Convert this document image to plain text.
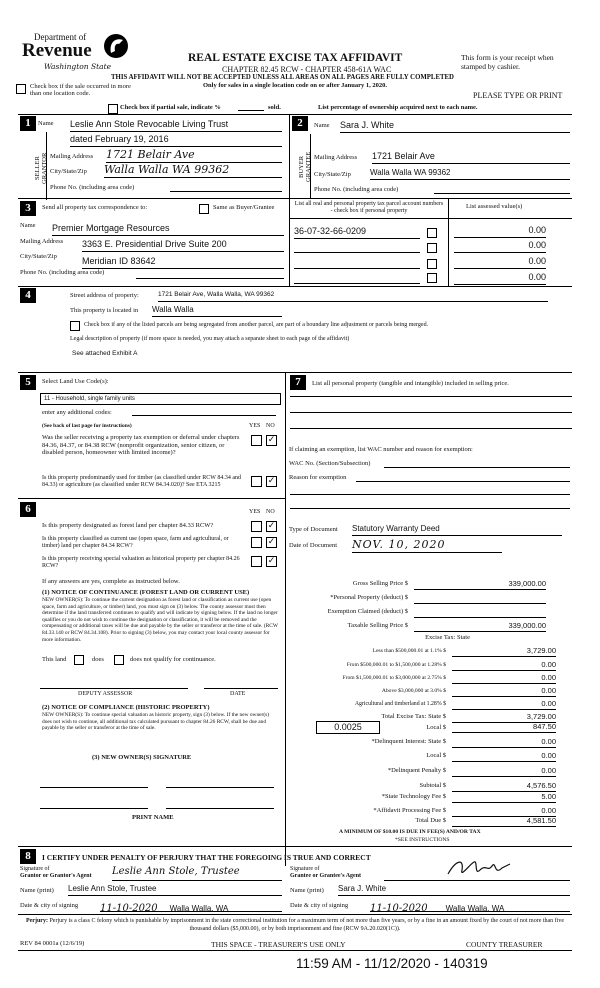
Department of
Revenue
Washington State
REAL ESTATE EXCISE TAX AFFIDAVIT
CHAPTER 82.45 RCW - CHAPTER 458-61A WAC
THIS AFFIDAVIT WILL NOT BE ACCEPTED UNLESS ALL AREAS ON ALL PAGES ARE FULLY COMPLETED
Only for sales in a single location code on or after January 1, 2020.
This form is your receipt when stamped by cashier.
PLEASE TYPE OR PRINT
Check box if the sale occurred in more than one location code.
Check box if partial sale, indicate %	sold.	List percentage of ownership acquired next to each name.
1
SELLER GRANTOR
Name Leslie Ann Stole Revocable Living Trust
dated February 19, 2016
Mailing Address 1721 Belair Ave
City/State/Zip Walla Walla WA 99362
Phone No. (including area code)
2
BUYER GRANTEE
Name Sara J. White
Mailing Address 1721 Belair Ave
City/State/Zip Walla Walla WA 99362
Phone No. (including area code)
3	Send all property tax correspondence to:	Same as Buyer/Grantee	List all real and personal property tax parcel account numbers - check box if personal property
List assessed value(s)
Name Premier Mortgage Resources
Mailing Address 3363 E. Presidential Drive Suite 200
City/State/Zip	Meridian ID 83642
Phone No. (including area code)
36-07-32-66-0209	0.00
0.00
0.00
0.00
4	Street address of property:	1721 Belair Ave, Walla Walla, WA 99362
This property is located in Walla Walla
Check box if any of the listed parcels are being segregated from another parcel, are part of a boundary line adjustment or parcels being merged.
Legal description of property (if more space is needed, you may attach a separate sheet to each page of the affidavit)
See attached Exhibit A
5	Select Land Use Code(s):
11 - Household, single family units
enter any additional codes:
(See back of last page for instructions)	YES NO
Was the seller receiving a property tax exemption or deferral under chapters 84.36, 84.37, or 84.38 RCW (nonprofit organization, senior citizen, or disabled person, homeowner with limited income)?
✓
Is this property predominantly used for timber (as classified under RCW 84.34 and 84.33) or agriculture (as classified under RCW 84.34.020)? See ETA 3215	✓
7	List all personal property (tangible and intangible) included in selling price.
If claiming an exemption, list WAC number and reason for exemption:
WAC No. (Section/Subsection)
Reason for exemption
6	YES NO
Is this property designated as forest land per chapter 84.33 RCW?	✓
Is this property classified as current use (open space, farm and agricultural, or timber) land per chapter 84.34 RCW?	✓
Is this property receiving special valuation as historical property per chapter 84.26 RCW?	✓
If any answers are yes, complete as instructed below.
(1) NOTICE OF CONTINUANCE (FOREST LAND OR CURRENT USE)
NEW OWNER(S): To continue the current designation as forest land or classification as current use (open space, farm and agriculture, or timber) land, you must sign on (3) below. The county assessor must then determine if the land transferred continues to qualify and will indicate by signing below. If the land no longer qualifies or you do not wish to continue the designation or classification, it will be removed and the compensating or additional taxes will be due and payable by the seller or transferor at the time of sale. (RCW 84.33.140 or RCW 84.34.108). Prior to signing (3) below, you may contact your local county assessor for more information.
This land	does	does not qualify for continuance.
DEPUTY ASSESSOR	DATE
(2) NOTICE OF COMPLIANCE (HISTORIC PROPERTY)
NEW OWNER(S): To continue special valuation as historic property, sign (3) below. If the new owner(s) does not wish to continue, all additional tax calculated pursuant to chapter 84.26 RCW, shall be due and payable by the seller or transferor at the time of sale.
(3) NEW OWNER(S) SIGNATURE
PRINT NAME
Type of Document Statutory Warranty Deed
Date of Document NOV. 10, 2020
Gross Selling Price $	339,000.00
*Personal Property (deduct) $
Exemption Claimed (deduct) $
Taxable Selling Price $	339,000.00
Excise Tax: State
Less than $500,000.01 at 1.1% $	3,729.00
From $500,000.01 to $1,500,000 at 1.28% $	0.00
From $1,500,000.01 to $3,000,000 at 2.75% $	0.00
Above $3,000,000 at 3.0% $	0.00
Agricultural and timberland at 1.28% $	0.00
Total Excise Tax: State $	3,729.00
0.0025	Local $	847.50
*Delinquent Interest: State $	0.00
Local $	0.00
*Delinquent Penalty $	0.00
Subtotal $	4,576.50
*State Technology Fee $	5.00
*Affidavit Processing Fee $	0.00
Total Due $	4,581.50
A MINIMUM OF $10.00 IS DUE IN FEE(S) AND/OR TAX
*SEE INSTRUCTIONS
8	I CERTIFY UNDER PENALTY OF PERJURY THAT THE FOREGOING IS TRUE AND CORRECT
Signature of
Grantor or Grantor's Agent Leslie Ann Stole, Trustee
Name (print) Leslie Ann Stole, Trustee
Date & city of signing 11-10-2020 Walla Walla, WA
Signature of
Grantee or Grantee's Agent
Name (print) Sara J. White
Date & city of signing 11-10-2020 Walla Walla, WA
Perjury: Perjury is a class C felony which is punishable by imprisonment in the state correctional institution for a maximum term of not more than five years, or by a fine in an amount fixed by the court of not more than five thousand dollars ($5,000.00), or by both imprisonment and fine (RCW 9A.20.020(1C)).
REV 84 0001a (12/6/19)	THIS SPACE - TREASURER'S USE ONLY	COUNTY TREASURER
11:59 AM - 11/12/2020 - 140319
